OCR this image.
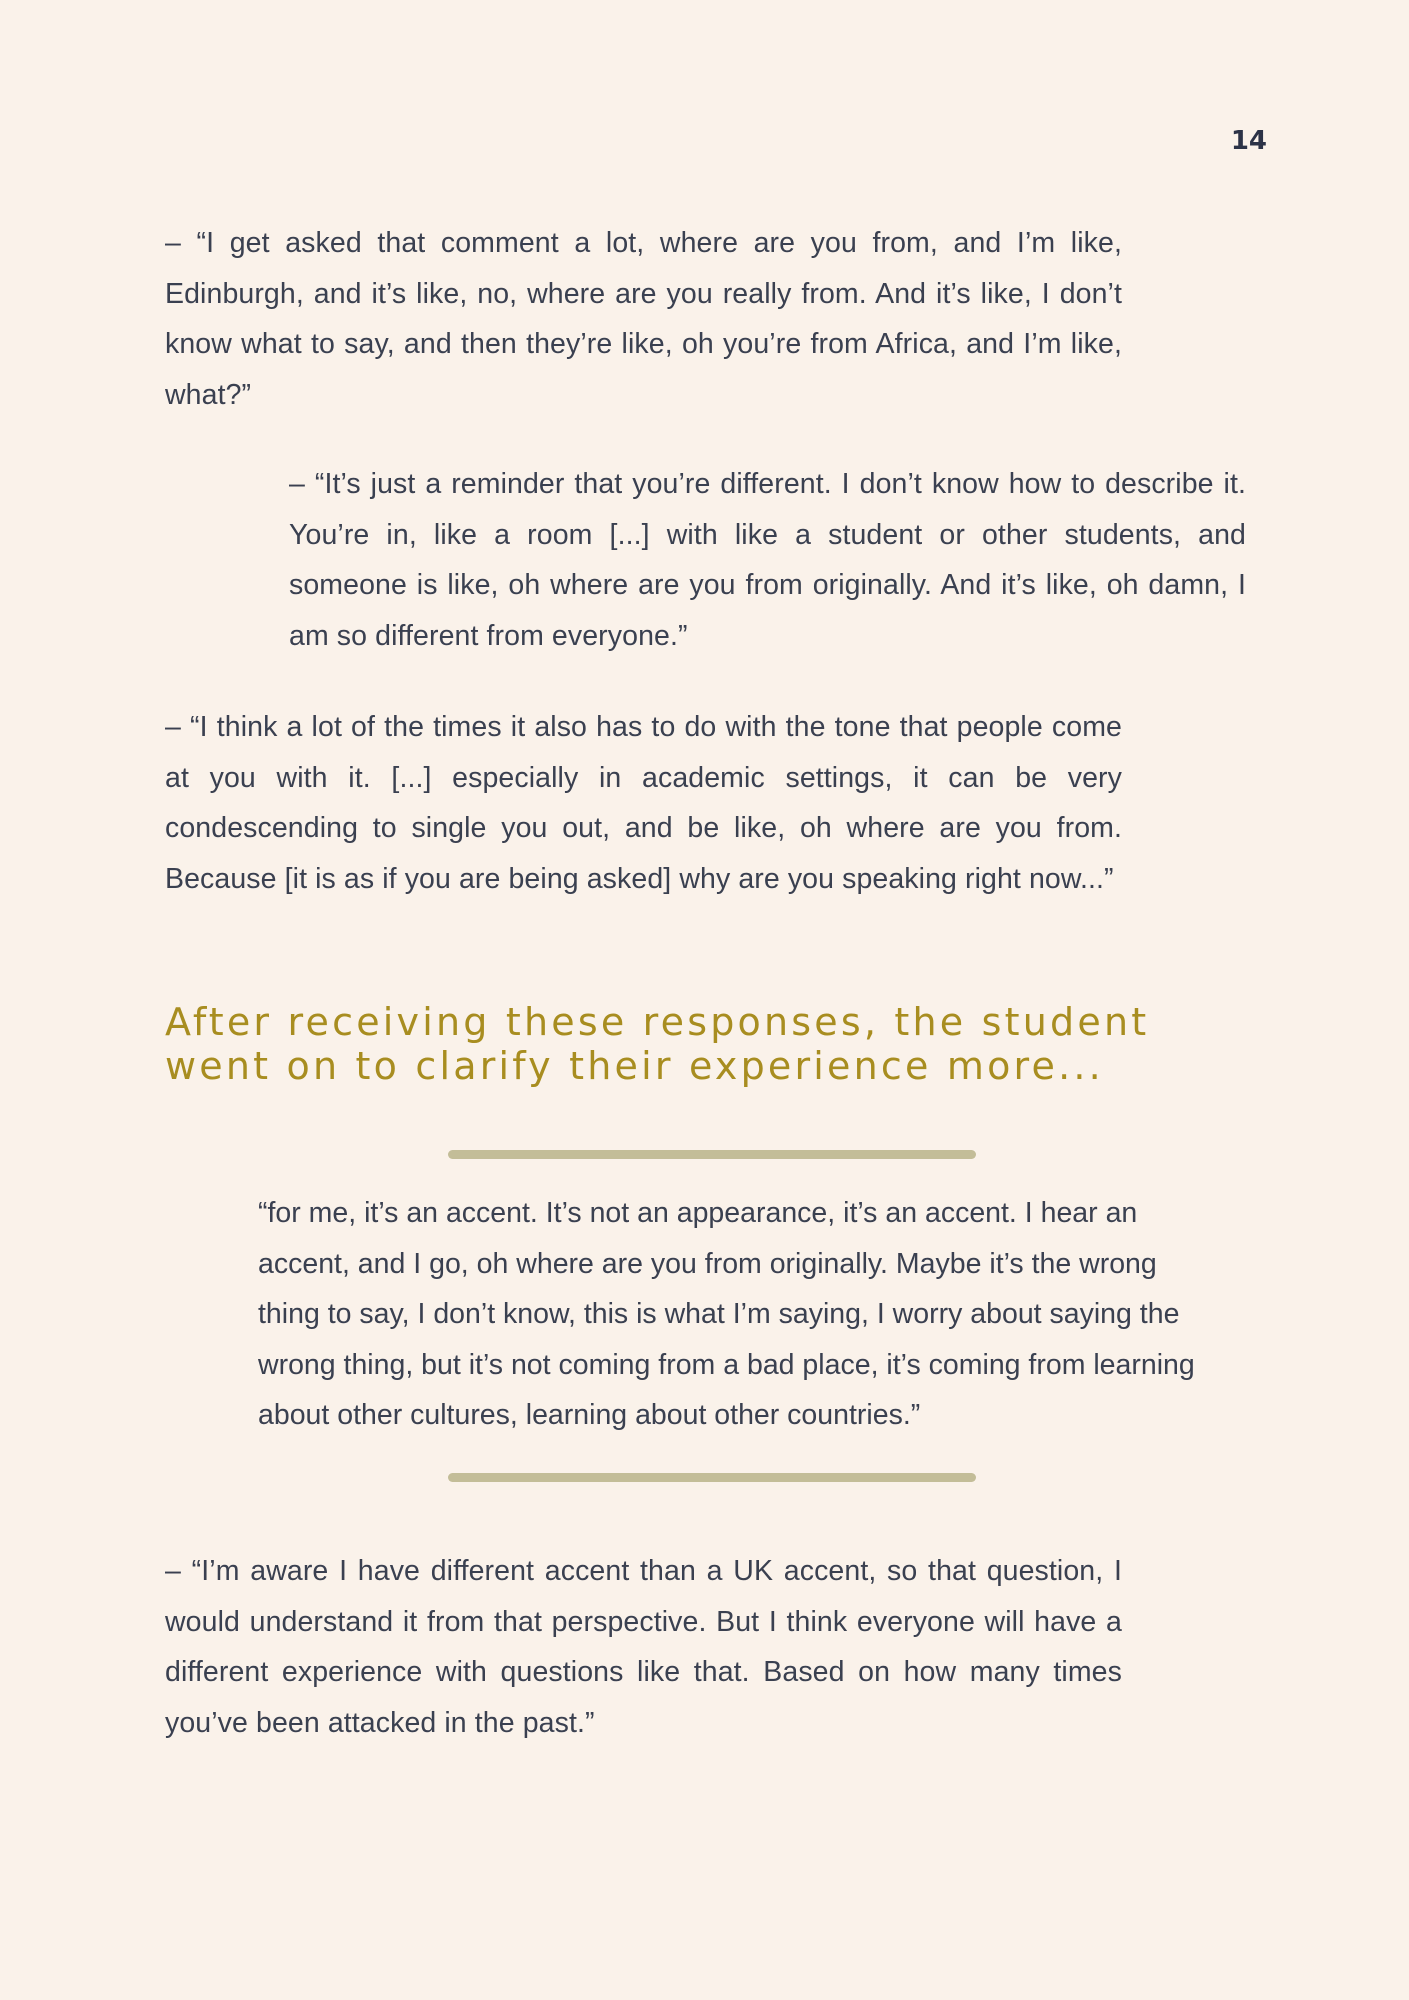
14

– “I get asked that comment a lot, where are you from, and I’m like, Edinburgh, and it’s like, no, where are you really from. And it’s like, I don’t know what to say, and then they’re like, oh you’re from Africa, and I’m like, what?”

– “It’s just a reminder that you’re different. I don’t know how to describe it. You’re in, like a room [...] with like a student or other students, and someone is like, oh where are you from originally. And it’s like, oh damn, I am so different from everyone.”

– “I think a lot of the times it also has to do with the tone that people come at you with it. [...] especially in academic settings, it can be very condescending to single you out, and be like, oh where are you from. Because [it is as if you are being asked] why are you speaking right now...”

After receiving these responses, the student went on to clarify their experience more...

“for me, it’s an accent. It’s not an appearance, it’s an accent. I hear an accent, and I go, oh where are you from originally. Maybe it’s the wrong thing to say, I don’t know, this is what I’m saying, I worry about saying the wrong thing, but it’s not coming from a bad place, it’s coming from learning about other cultures, learning about other countries.”

– “I’m aware I have different accent than a UK accent, so that question, I would understand it from that perspective. But I think everyone will have a different experience with questions like that. Based on how many times you’ve been attacked in the past.”
